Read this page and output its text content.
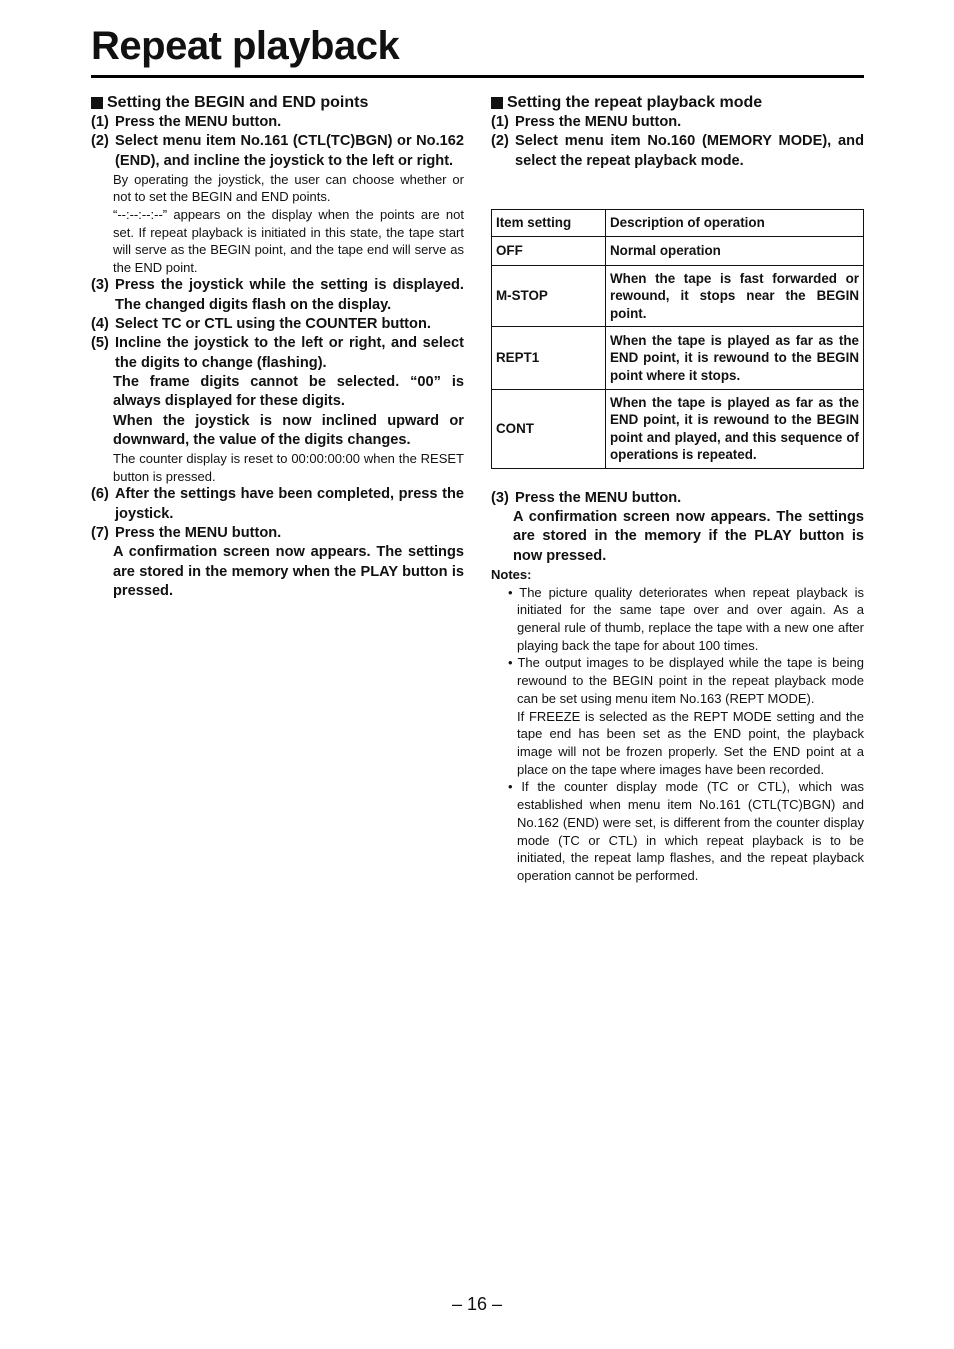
Repeat playback
Setting the BEGIN and END points

(1) Press the MENU button.

(2) Select menu item No.161 (CTL(TC)BGN) or No.162 (END), and incline the joystick to the left or right.

By operating the joystick, the user can choose whether or not to set the BEGIN and END points.

“--:--:--:--” appears on the display when the points are not set. If repeat playback is initiated in this state, the tape start will serve as the BEGIN point, and the tape end will serve as the END point.

(3) Press the joystick while the setting is displayed. The changed digits flash on the display.

(4) Select TC or CTL using the COUNTER button.

(5) Incline the joystick to the left or right, and select the digits to change (flashing).

The frame digits cannot be selected. “00” is always displayed for these digits.

When the joystick is now inclined upward or downward, the value of the digits changes.

The counter display is reset to 00:00:00:00 when the RESET button is pressed.

(6) After the settings have been completed, press the joystick.

(7) Press the MENU button.

A confirmation screen now appears. The settings are stored in the memory when the PLAY button is pressed.

Setting the repeat playback mode

(1) Press the MENU button.

(2) Select menu item No.160 (MEMORY MODE), and select the repeat playback mode.

Item setting	Description of operation
OFF	Normal operation
M-STOP	When the tape is fast forwarded or rewound, it stops near the BEGIN point.
REPT1	When the tape is played as far as the END point, it is rewound to the BEGIN point where it stops.
CONT	When the tape is played as far as the END point, it is rewound to the BEGIN point and played, and this sequence of operations is repeated.

(3) Press the MENU button.

A confirmation screen now appears. The settings are stored in the memory if the PLAY button is now pressed.

Notes:

• The picture quality deteriorates when repeat playback is initiated for the same tape over and over again. As a general rule of thumb, replace the tape with a new one after playing back the tape for about 100 times.

• The output images to be displayed while the tape is being rewound to the BEGIN point in the repeat playback mode can be set using menu item No.163 (REPT MODE).

If FREEZE is selected as the REPT MODE setting and the tape end has been set as the END point, the playback image will not be frozen properly. Set the END point at a place on the tape where images have been recorded.

• If the counter display mode (TC or CTL), which was established when menu item No.161 (CTL(TC)BGN) and No.162 (END) were set, is different from the counter display mode (TC or CTL) in which repeat playback is to be initiated, the repeat lamp flashes, and the repeat playback operation cannot be performed.

– 16 –
